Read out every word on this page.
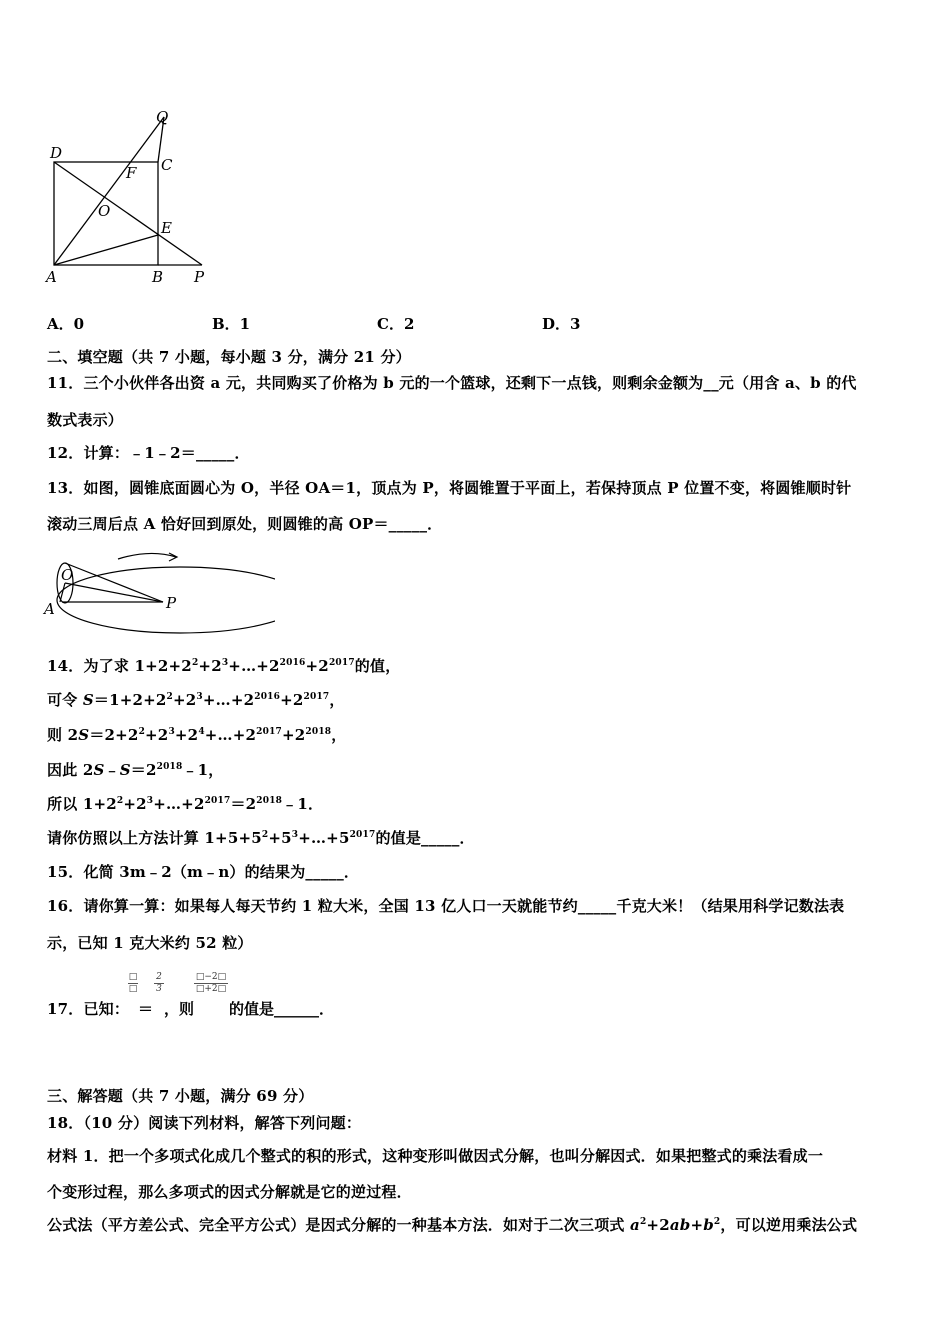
Q
D
C
F
O
E
A	B P
A．0	B．1	C．2	D．3
二、填空题（共 7 小题，每小题 3 分，满分 21 分）
11．三个小伙伴各出资 a 元，共同购买了价格为 b 元的一个篮球，还剩下一点钱，则剩余金额为__元（用含 a、b 的代
数式表示）
12．计算：﹣1﹣2＝_____．
13．如图，圆锥底面圆心为 O，半径 OA＝1，顶点为 P，将圆锥置于平面上，若保持顶点 P 位置不变，将圆锥顺时针
滚动三周后点 A 恰好回到原处，则圆锥的高 OP＝_____．
O
A	P
14．为了求 $1+2+2^2+2^3+\dots+2^{2016}+2^{2017}$的值，
可令 $S=1+2+2^2+2^3+\dots+2^{2016}+2^{2017}$，
则 $2S=2+2^2+2^3+2^4+\dots+2^{2017}+2^{2018}$，
因此 $2S﹣S=2^{2018}﹣1$，
所以 $1+2^2+2^3+\dots+2^{2017}=2^{2018}﹣1$．
请你仿照以上方法计算 $1+5+5^2+5^3+\dots+5^{2017}$的值是_____．
15．化简 3m﹣2（m﹣n）的结果为_____．
16．请你算一算：如果每人每天节约 1 粒大米，全国 13 亿人口一天就能节约_____千克大米！（结果用科学记数法表
示，已知 1 克大米约 52 粒）
17．已知：
□
□
＝
2
3
，则
□−2□
□+2□
的值是______．
三、解答题（共 7 小题，满分 69 分）
18．（10 分）阅读下列材料，解答下列问题：
材料 1．把一个多项式化成几个整式的积的形式，这种变形叫做因式分解，也叫分解因式．如果把整式的乘法看成一
个变形过程，那么多项式的因式分解就是它的逆过程．
公式法（平方差公式、完全平方公式）是因式分解的一种基本方法．如对于二次三项式 $a^2+2ab+b^2$，可以逆用乘法公式
